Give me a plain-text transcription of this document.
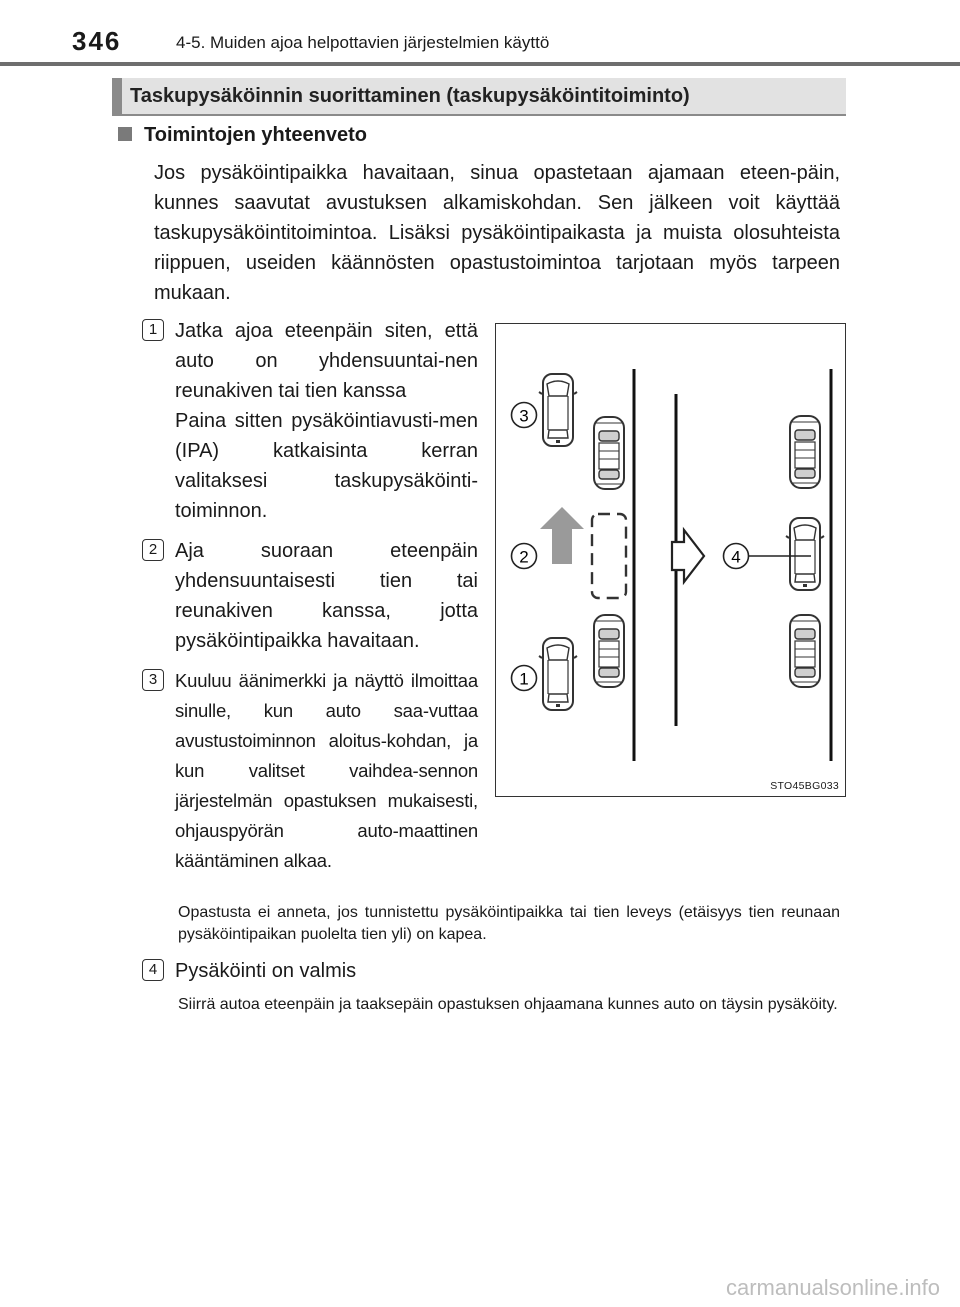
346	4-5. Muiden ajoa helpottavien järjestelmien käyttö
Taskupysäköinnin suorittaminen (taskupysäköintitoiminto)
Toimintojen yhteenveto
Jos pysäköintipaikka havaitaan, sinua opastetaan ajamaan eteen-päin, kunnes saavutat avustuksen alkamiskohdan. Sen jälkeen voit käyttää taskupysäköintitoimintoa. Lisäksi pysäköintipaikasta ja muista olosuhteista riippuen, useiden käännösten opastustoimintoa tarjotaan myös tarpeen mukaan.
1 Jatka ajoa eteenpäin siten, että auto on yhdensuuntai-nen reunakiven tai tien kanssa
Paina sitten pysäköintiavusti-men (IPA) katkaisinta kerran valitaksesi taskupysäköinti-toiminnon.
2 Aja suoraan eteenpäin yhdensuuntaisesti tien tai reunakiven kanssa, jotta pysäköintipaikka havaitaan.
3 Kuuluu äänimerkki ja näyttö ilmoittaa sinulle, kun auto saa-vuttaa avustustoiminnon aloitus-kohdan, ja kun valitset vaihdea-sennon järjestelmän opastuksen mukaisesti, ohjauspyörän auto-maattinen kääntäminen alkaa.
Opastusta ei anneta, jos tunnistettu pysäköintipaikka tai tien leveys (etäisyys tien reunaan pysäköintipaikan puolelta tien yli) on kapea.
3
2
1
4
STO45BG033
4 Pysäköinti on valmis
Siirrä autoa eteenpäin ja taaksepäin opastuksen ohjaamana kunnes auto on täysin pysäköity.
carmanualsonline.info
